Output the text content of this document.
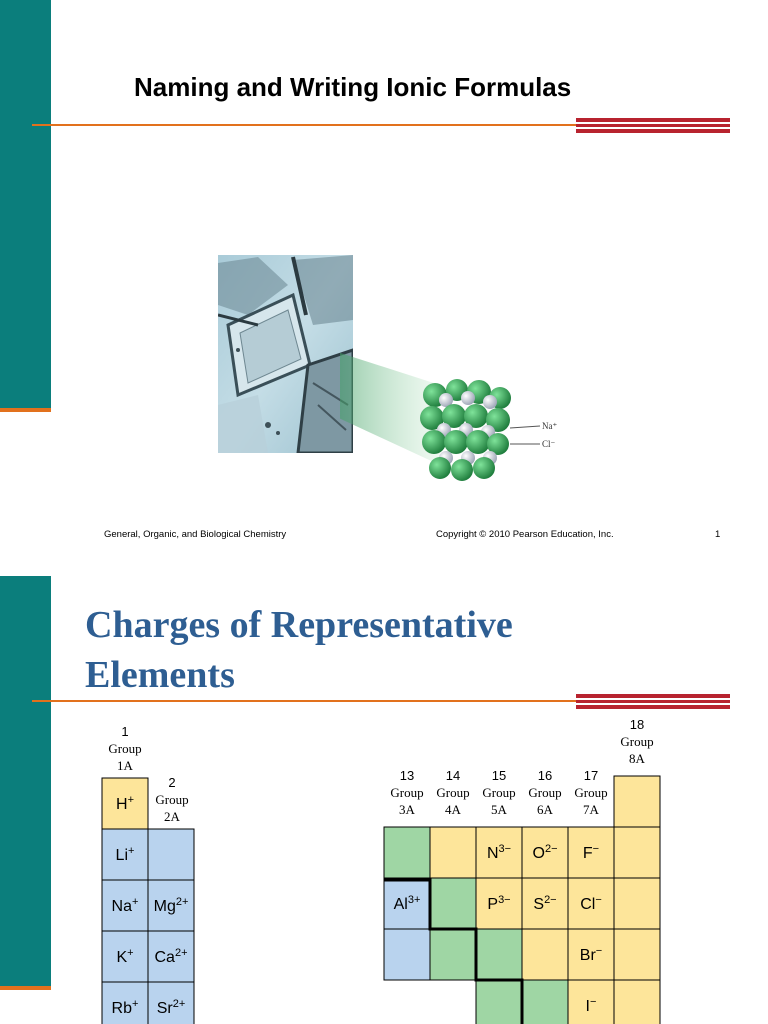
Naming and Writing Ionic Formulas
Na⁺
Cl⁻
General, Organic, and Biological Chemistry	Copyright © 2010 Pearson Education, Inc.	1
Charges of Representative Elements
1
Group
1A
2
Group
2A
13
Group
3A
14
Group
4A
15
Group
5A
16
Group
6A
17
Group
7A
18
Group
8A
H+
Li+
Na+ $Mg^{2+}$
K+ $Ca^{2+}$
Rb+ $Sr^{2+}$
$Al^{3+}$
$N^{3-}$ $O^{2-}$ F−
$P^{3-}$ $S^{2-}$ Cl−
Br−
I−
